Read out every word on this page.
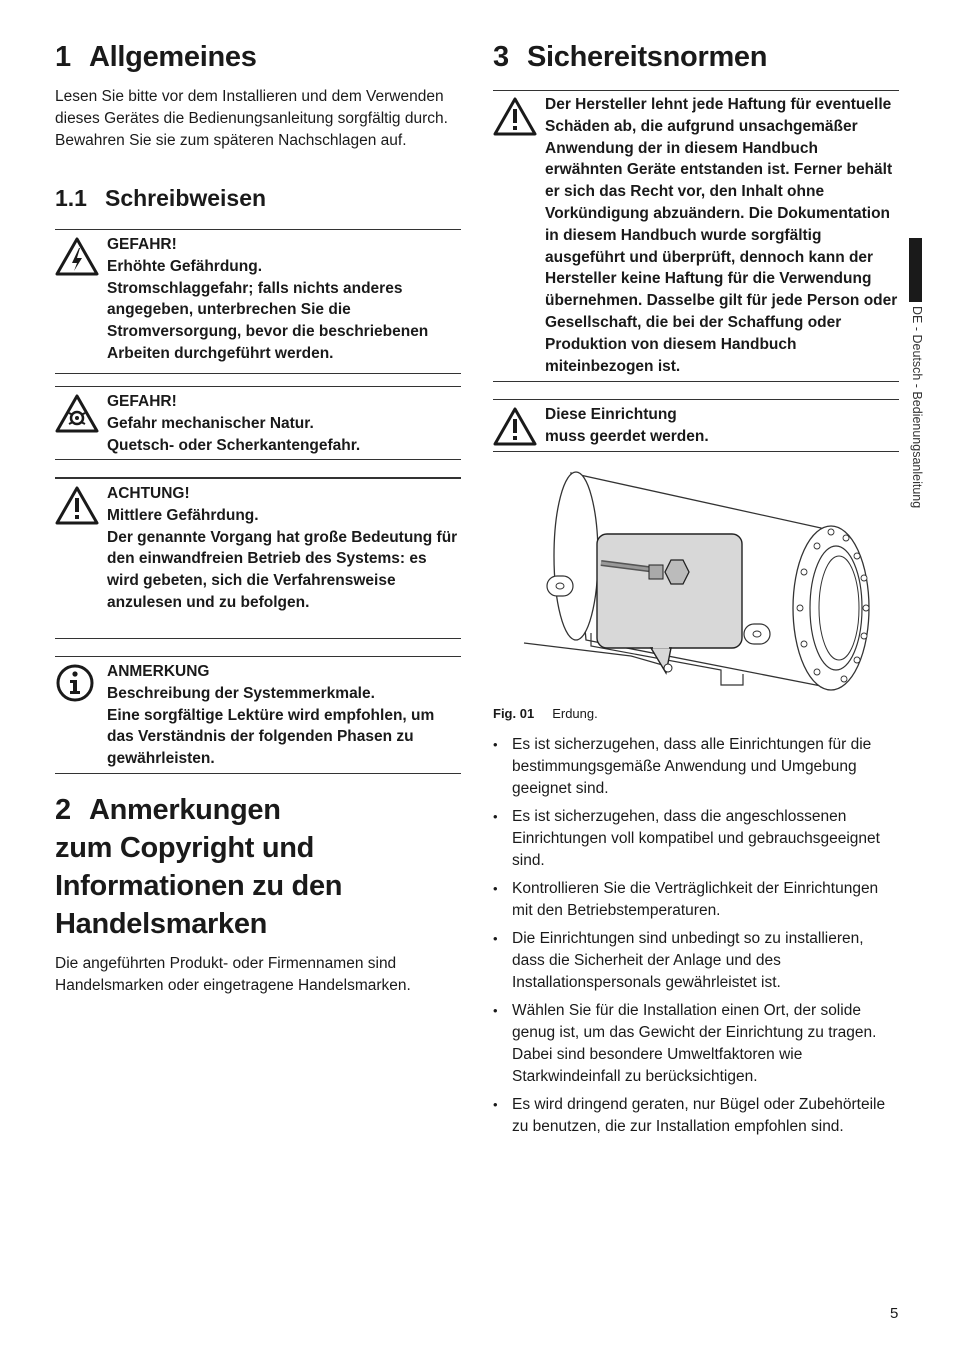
1 Allgemeines

Lesen Sie bitte vor dem Installieren und dem Verwenden dieses Gerätes die Bedienungsanleitung sorgfältig durch. Bewahren Sie sie zum späteren Nachschlagen auf.

1.1 Schreibweisen
GEFAHR!
Erhöhte Gefährdung.
Stromschlaggefahr; falls nichts anderes angegeben, unterbrechen Sie die Stromversorgung, bevor die beschriebenen Arbeiten durchgeführt werden.
GEFAHR!
Gefahr mechanischer Natur.
Quetsch- oder Scherkantengefahr.
ACHTUNG!
Mittlere Gefährdung.
Der genannte Vorgang hat große Bedeutung für den einwandfreien Betrieb des Systems: es wird gebeten, sich die Verfahrensweise anzulesen und zu befolgen.
ANMERKUNG
Beschreibung der Systemmerkmale.
Eine sorgfältige Lektüre wird empfohlen, um das Verständnis der folgenden Phasen zu gewährleisten.
2 Anmerkungen
zum Copyright und
Informationen zu den
Handelsmarken

Die angeführten Produkt- oder Firmennamen sind Handelsmarken oder eingetragene Handelsmarken.

3 Sichereitsnormen
Der Hersteller lehnt jede Haftung für eventuelle Schäden ab, die aufgrund unsachgemäßer Anwendung der in diesem Handbuch erwähnten Geräte entstanden ist. Ferner behält er sich das Recht vor, den Inhalt ohne Vorkündigung abzuändern. Die Dokumentation in diesem Handbuch wurde sorgfältig ausgeführt und überprüft, dennoch kann der Hersteller keine Haftung für die Verwendung übernehmen. Dasselbe gilt für jede Person oder Gesellschaft, die bei der Schaffung oder Produktion von diesem Handbuch miteinbezogen ist.
Diese Einrichtung
muss geerdet werden.
Fig. 01 Erdung.
• Es ist sicherzugehen, dass alle Einrichtungen für die bestimmungsgemäße Anwendung und Umgebung geeignet sind.
• Es ist sicherzugehen, dass die angeschlossenen Einrichtungen voll kompatibel und gebrauchsgeeignet sind.
• Kontrollieren Sie die Verträglichkeit der Einrichtungen mit den Betriebstemperaturen.
• Die Einrichtungen sind unbedingt so zu installieren, dass die Sicherheit der Anlage und des Installationspersonals gewährleistet ist.
• Wählen Sie für die Installation einen Ort, der solide genug ist, um das Gewicht der Einrichtung zu tragen. Dabei sind besondere Umweltfaktoren wie Starkwindeinfall zu berücksichtigen.
• Es wird dringend geraten, nur Bügel oder Zubehörteile zu benutzen, die zur Installation empfohlen sind.
DE - Deutsch - Bedienungsanleitung
5
